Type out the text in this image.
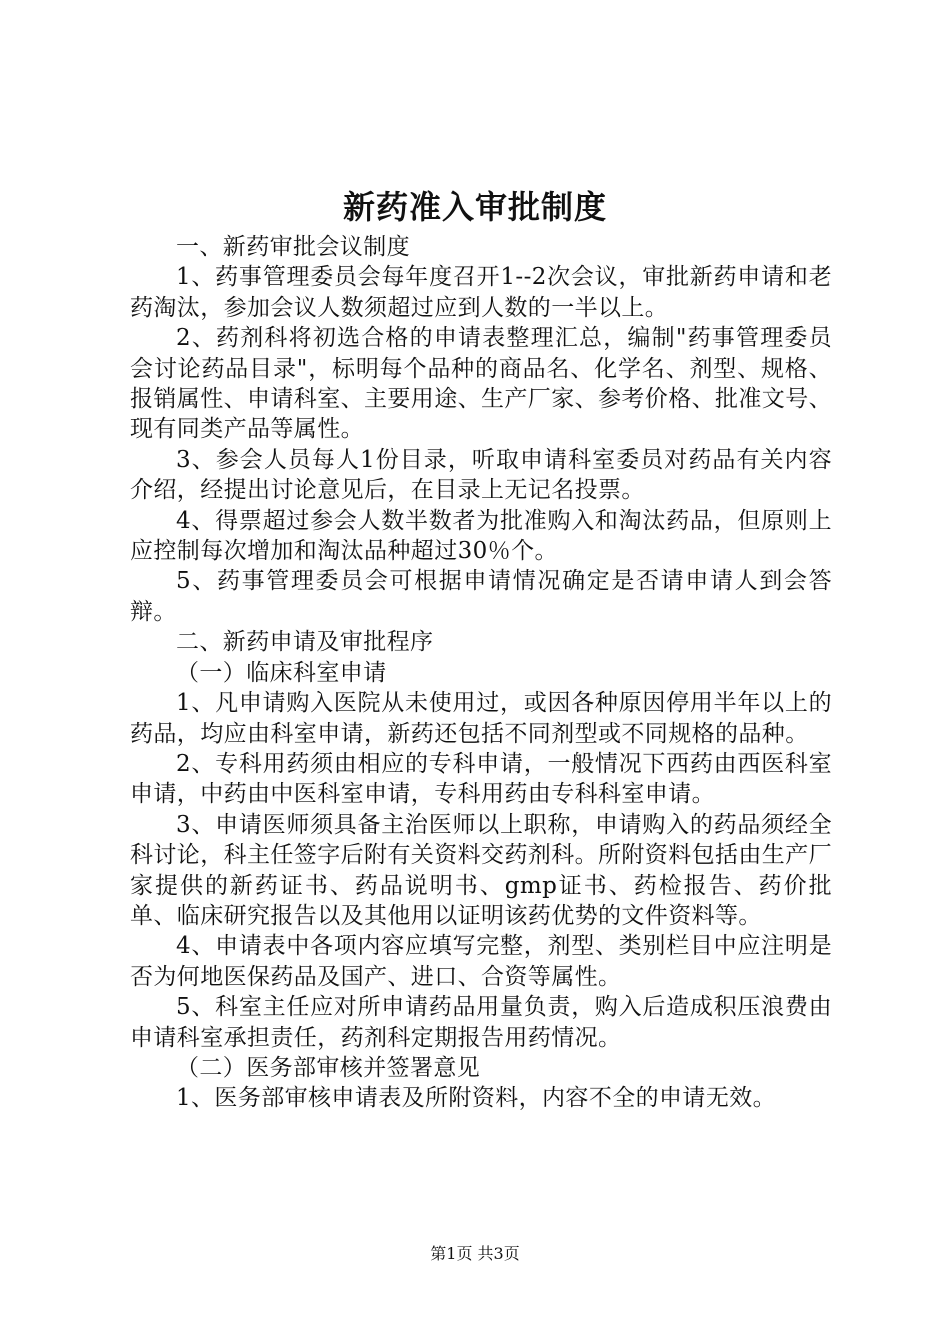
新药准入审批制度

一、新药审批会议制度

1、药事管理委员会每年度召开1--2次会议，审批新药申请和老药淘汰，参加会议人数须超过应到人数的一半以上。

2、药剂科将初选合格的申请表整理汇总，编制"药事管理委员会讨论药品目录"，标明每个品种的商品名、化学名、剂型、规格、报销属性、申请科室、主要用途、生产厂家、参考价格、批准文号、现有同类产品等属性。

3、参会人员每人1份目录，听取申请科室委员对药品有关内容介绍，经提出讨论意见后，在目录上无记名投票。

4、得票超过参会人数半数者为批准购入和淘汰药品，但原则上应控制每次增加和淘汰品种超过30％个。

5、药事管理委员会可根据申请情况确定是否请申请人到会答辩。

二、新药申请及审批程序

（一）临床科室申请

1、凡申请购入医院从未使用过，或因各种原因停用半年以上的药品，均应由科室申请，新药还包括不同剂型或不同规格的品种。

2、专科用药须由相应的专科申请，一般情况下西药由西医科室申请，中药由中医科室申请，专科用药由专科科室申请。

3、申请医师须具备主治医师以上职称，申请购入的药品须经全科讨论，科主任签字后附有关资料交药剂科。所附资料包括由生产厂家提供的新药证书、药品说明书、gmp证书、药检报告、药价批单、临床研究报告以及其他用以证明该药优势的文件资料等。

4、申请表中各项内容应填写完整，剂型、类别栏目中应注明是否为何地医保药品及国产、进口、合资等属性。

5、科室主任应对所申请药品用量负责，购入后造成积压浪费由申请科室承担责任，药剂科定期报告用药情况。

（二）医务部审核并签署意见

1、医务部审核申请表及所附资料，内容不全的申请无效。

第1页 共3页
